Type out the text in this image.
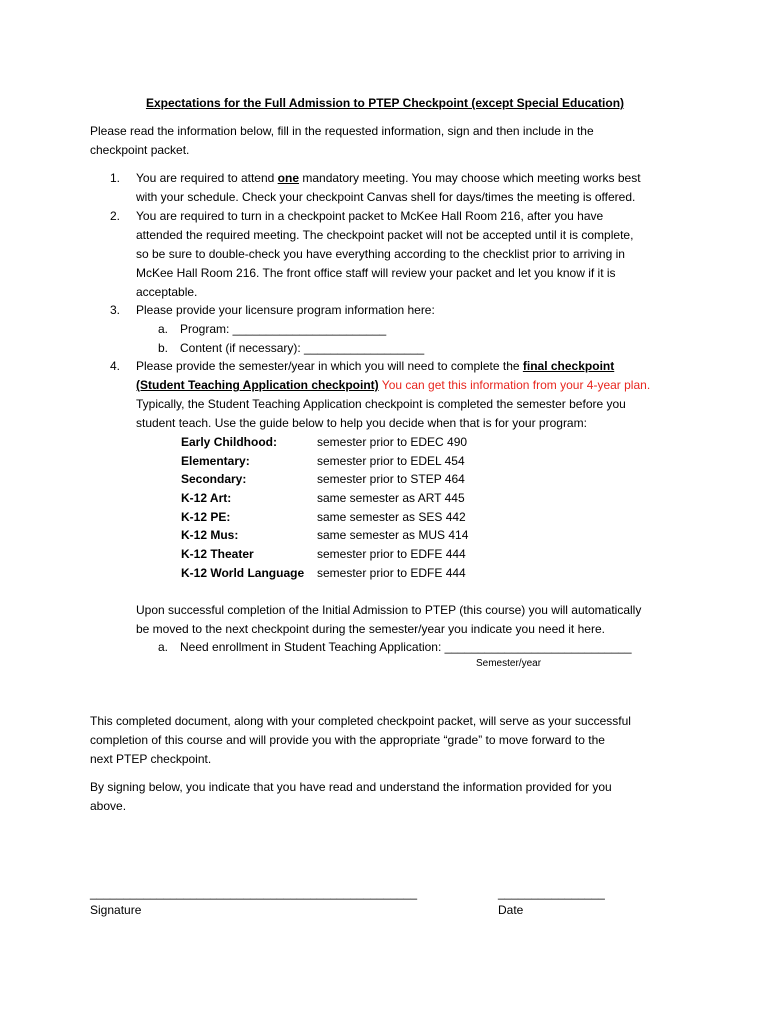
Expectations for the Full Admission to PTEP Checkpoint (except Special Education)
Please read the information below, fill in the requested information, sign and then include in the
checkpoint packet.
1.	You are required to attend one mandatory meeting. You may choose which meeting works best
with your schedule. Check your checkpoint Canvas shell for days/times the meeting is offered.
2.	You are required to turn in a checkpoint packet to McKee Hall Room 216, after you have
attended the required meeting. The checkpoint packet will not be accepted until it is complete,
so be sure to double-check you have everything according to the checklist prior to arriving in
McKee Hall Room 216. The front office staff will review your packet and let you know if it is
acceptable.
3.	Please provide your licensure program information here:
a. Program: _______________________
b. Content (if necessary): __________________
4.	Please provide the semester/year in which you will need to complete the final checkpoint
(Student Teaching Application checkpoint) You can get this information from your 4-year plan.
Typically, the Student Teaching Application checkpoint is completed the semester before you
student teach. Use the guide below to help you decide when that is for your program:
Early Childhood:	semester prior to EDEC 490
Elementary:	semester prior to EDEL 454
Secondary:	semester prior to STEP 464
K-12 Art:	same semester as ART 445
K-12 PE:	same semester as SES 442
K-12 Mus:	same semester as MUS 414
K-12 Theater	semester prior to EDFE 444
K-12 World Language semester prior to EDFE 444
Upon successful completion of the Initial Admission to PTEP (this course) you will automatically
be moved to the next checkpoint during the semester/year you indicate you need it here.
a. Need enrollment in Student Teaching Application: ____________________________
Semester/year
This completed document, along with your completed checkpoint packet, will serve as your successful
completion of this course and will provide you with the appropriate “grade” to move forward to the
next PTEP checkpoint.
By signing below, you indicate that you have read and understand the information provided for you
above.
_________________________________________________
Signature
________________
Date
